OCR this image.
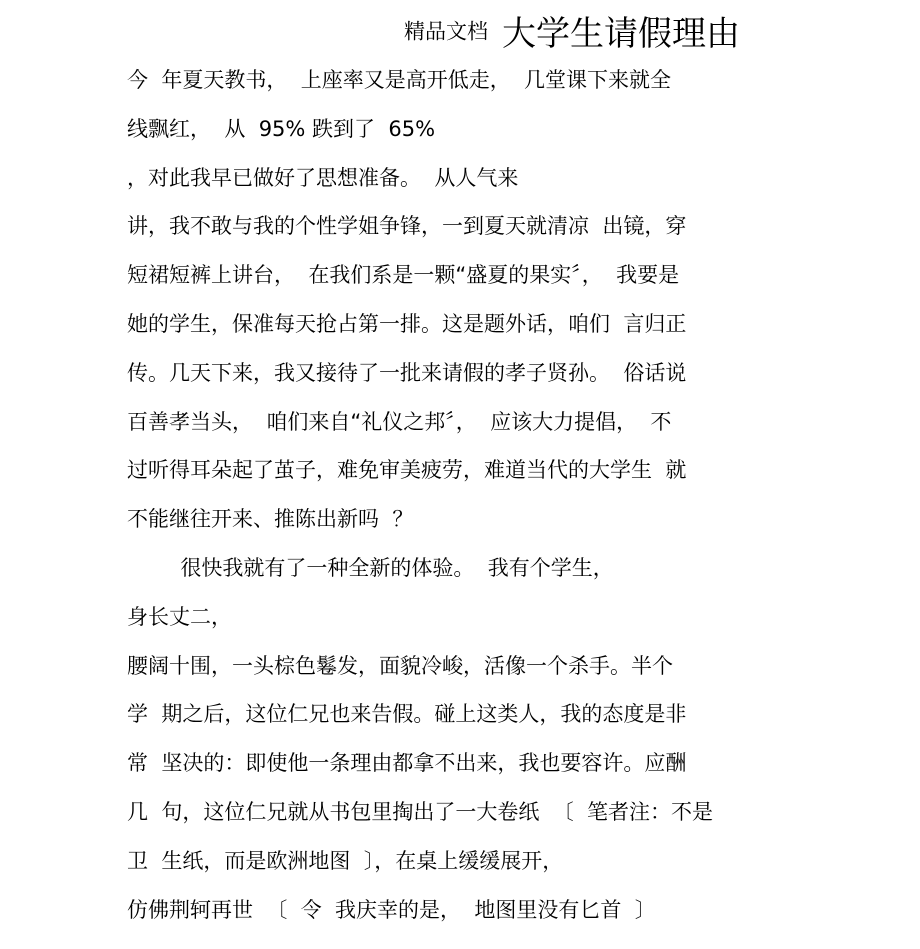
精品文档 大学生请假理由
今  年夏天教书，  上座率又是高开低走，  几堂课下来就全
线飘红，  从  95% 跌到了  65%
，对此我早已做好了思想准备。  从人气来
讲，我不敢与我的个性学姐争锋，一到夏天就清凉  出镜，穿
短裙短裤上讲台，  在我们系是一颗“盛夏的果实〞，  我要是
她的学生，保准每天抢占第一排。这是题外话，咱们  言归正
传。几天下来，我又接待了一批来请假的孝子贤孙。  俗话说
百善孝当头，  咱们来自“礼仪之邦〞，  应该大力提倡，  不
过听得耳朵起了茧子，难免审美疲劳，难道当代的大学生  就
不能继往开来、推陈出新吗  ？
很快我就有了一种全新的体验。  我有个学生，
身长丈二，
腰阔十围，一头棕色鬈发，面貌冷峻，活像一个杀手。半个
学  期之后，这位仁兄也来告假。碰上这类人，我的态度是非
常  坚决的：即使他一条理由都拿不出来，我也要容许。应酬
几  句，这位仁兄就从书包里掏出了一大卷纸  〔  笔者注：不是
卫  生纸，而是欧洲地图  〕，在桌上缓缓展开，
仿佛荆轲再世  〔  令  我庆幸的是，  地图里没有匕首  〕
